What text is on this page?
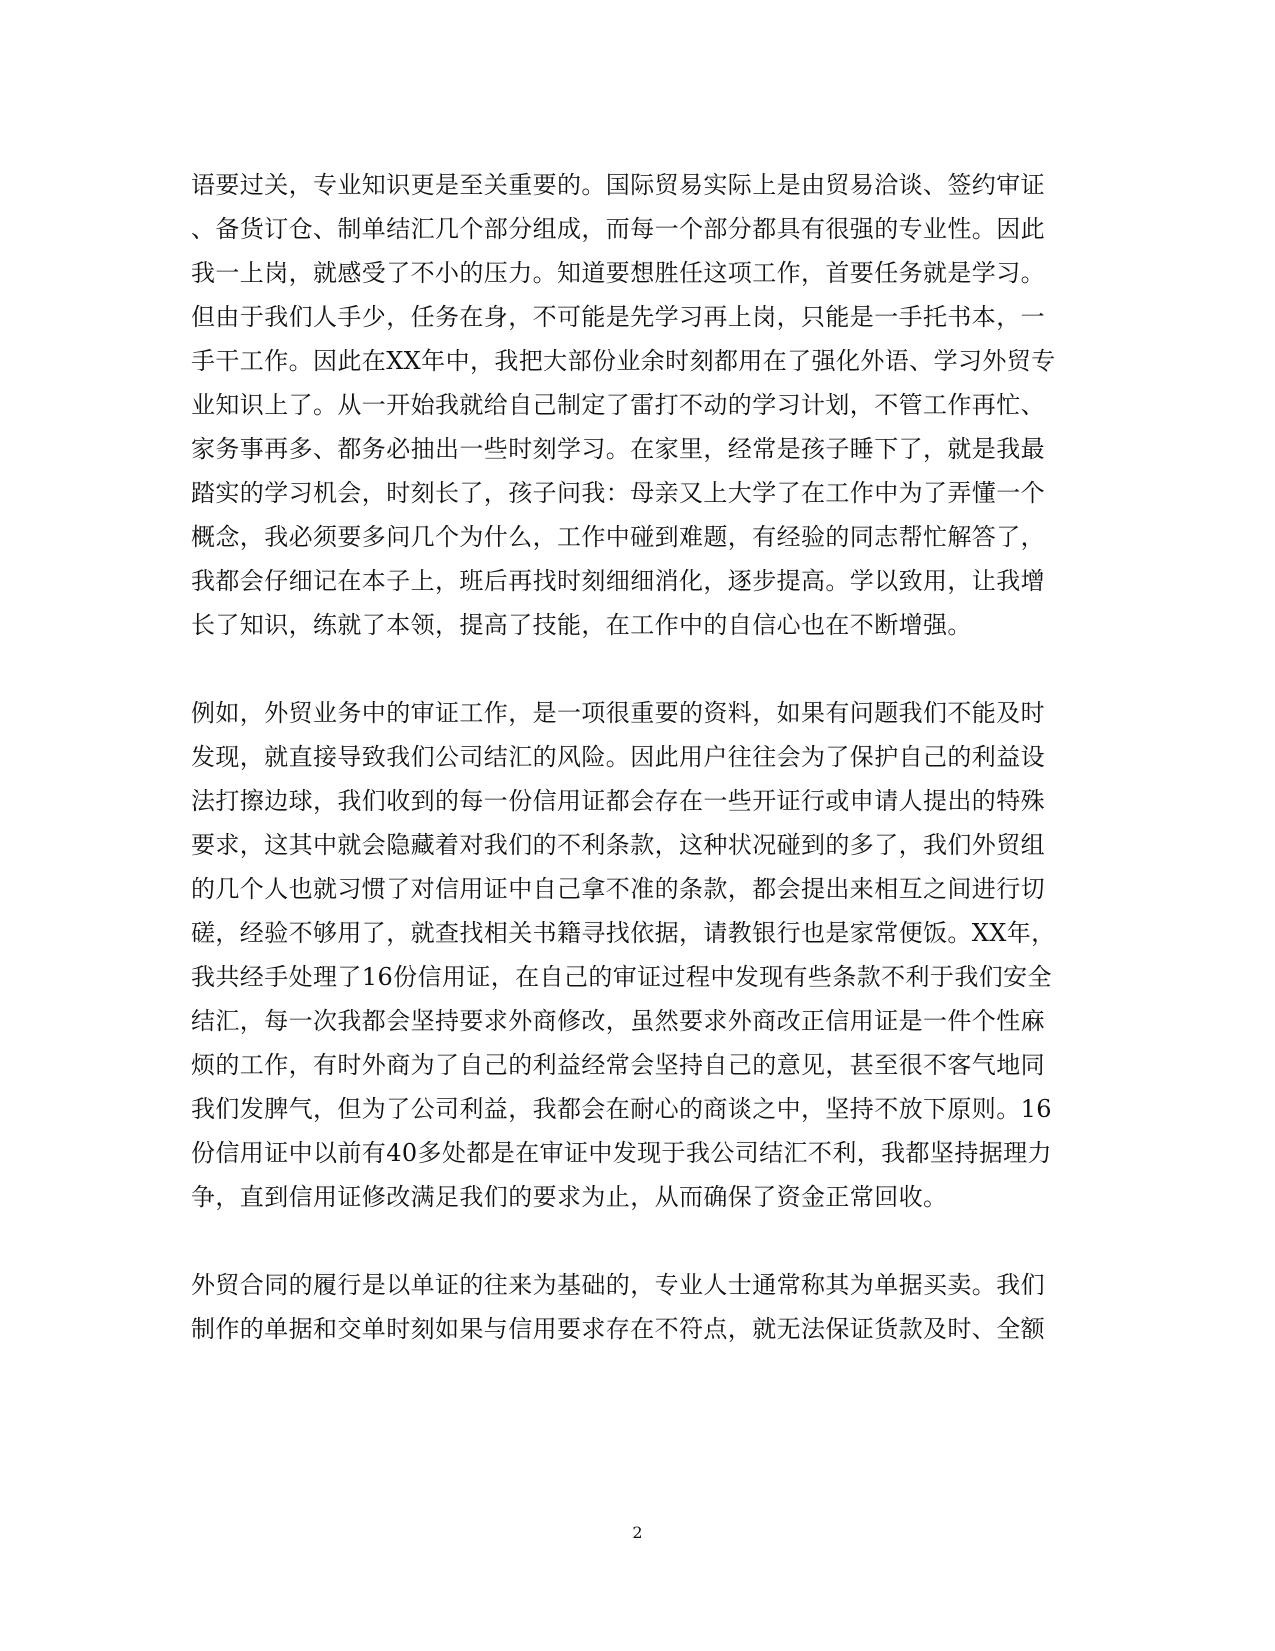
语要过关，专业知识更是至关重要的。国际贸易实际上是由贸易洽谈、签约审证
、备货订仓、制单结汇几个部分组成，而每一个部分都具有很强的专业性。因此
我一上岗，就感受了不小的压力。知道要想胜任这项工作，首要任务就是学习。
但由于我们人手少，任务在身，不可能是先学习再上岗，只能是一手托书本，一
手干工作。因此在XX年中，我把大部份业余时刻都用在了强化外语、学习外贸专
业知识上了。从一开始我就给自己制定了雷打不动的学习计划，不管工作再忙、
家务事再多、都务必抽出一些时刻学习。在家里，经常是孩子睡下了，就是我最
踏实的学习机会，时刻长了，孩子问我：母亲又上大学了在工作中为了弄懂一个
概念，我必须要多问几个为什么，工作中碰到难题，有经验的同志帮忙解答了，
我都会仔细记在本子上，班后再找时刻细细消化，逐步提高。学以致用，让我增
长了知识，练就了本领，提高了技能，在工作中的自信心也在不断增强。

例如，外贸业务中的审证工作，是一项很重要的资料，如果有问题我们不能及时
发现，就直接导致我们公司结汇的风险。因此用户往往会为了保护自己的利益设
法打擦边球，我们收到的每一份信用证都会存在一些开证行或申请人提出的特殊
要求，这其中就会隐藏着对我们的不利条款，这种状况碰到的多了，我们外贸组
的几个人也就习惯了对信用证中自己拿不准的条款，都会提出来相互之间进行切
磋，经验不够用了，就查找相关书籍寻找依据，请教银行也是家常便饭。XX年，
我共经手处理了16份信用证，在自己的审证过程中发现有些条款不利于我们安全
结汇，每一次我都会坚持要求外商修改，虽然要求外商改正信用证是一件个性麻
烦的工作，有时外商为了自己的利益经常会坚持自己的意见，甚至很不客气地同
我们发脾气，但为了公司利益，我都会在耐心的商谈之中，坚持不放下原则。16
份信用证中以前有40多处都是在审证中发现于我公司结汇不利，我都坚持据理力
争，直到信用证修改满足我们的要求为止，从而确保了资金正常回收。

外贸合同的履行是以单证的往来为基础的，专业人士通常称其为单据买卖。我们
制作的单据和交单时刻如果与信用要求存在不符点，就无法保证货款及时、全额

2
